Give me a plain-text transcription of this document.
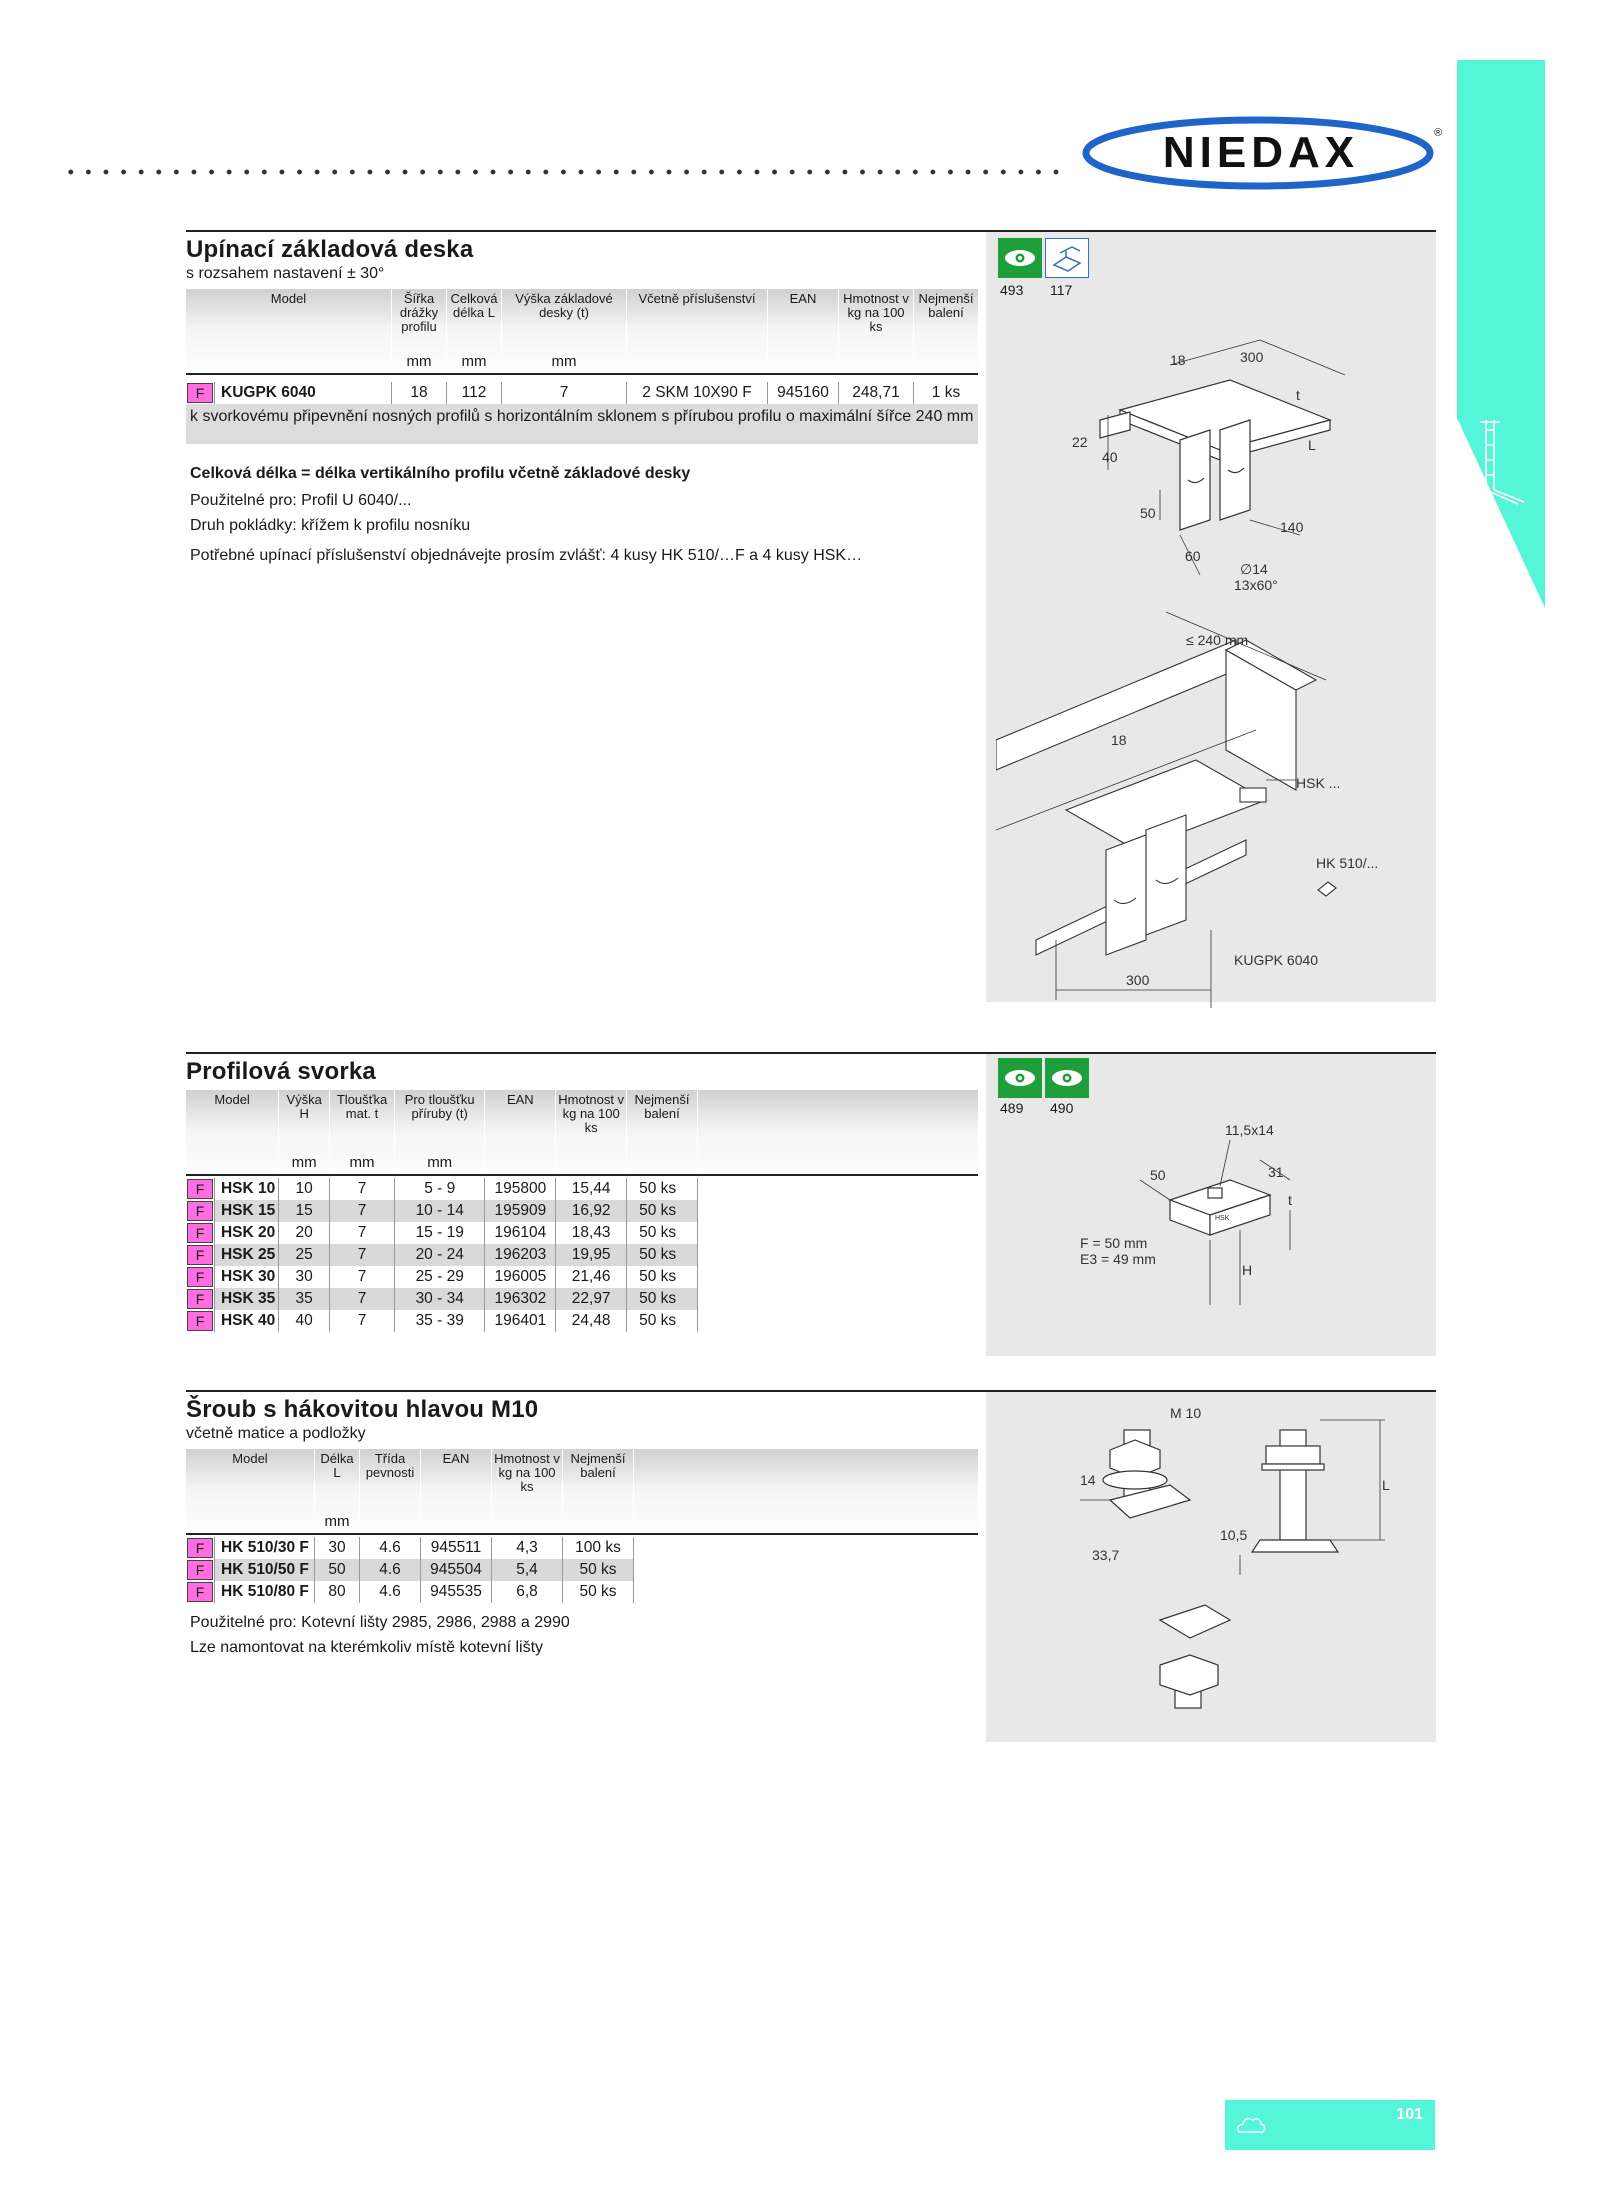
NIEDAX	®
Upínací základová deska
s rozsahem nastavení ± 30°
Model		Šířka drážky profilu	Celková délka L	Výška základové desky (t)	Včetně příslušenství	EAN	Hmotnost v kg na 100 ks	Nejmenší balení
		mm	mm	mm				

F	KUGPK 6040	18	112	7	2 SKM 10X90 F	945160	248,71	1 ks
k svorkovému připevnění nosných profilů s horizontálním sklonem s přírubou profilu o maximální šířce 240 mm
Celková délka = délka vertikálního profilu včetně základové desky
Použitelné pro: Profil U 6040/...
Druh pokládky: křížem k profilu nosníku
Potřebné upínací příslušenství objednávejte prosím zvlášť: 4 kusy HK 510/…F a 4 kusy HSK…
493 117
18	300
t
22
40
L
50
140
60
∅14
13x60°
≤ 240 mm
18
HSK ...
HK 510/...
300
KUGPK 6040
Profilová svorka
Model		Výška H	Tloušťka mat. t	Pro tloušťku příruby (t)	EAN	Hmotnost v kg na 100 ks	Nejmenší balení	
		mm	mm	mm				

F	HSK 10	10	7	5 - 9	195800	15,44	50 ks	

F	HSK 15	15	7	10 - 14	195909	16,92	50 ks	

F	HSK 20	20	7	15 - 19	196104	18,43	50 ks	

F	HSK 25	25	7	20 - 24	196203	19,95	50 ks	

F	HSK 30	30	7	25 - 29	196005	21,46	50 ks	

F	HSK 35	35	7	30 - 34	196302	22,97	50 ks	

F	HSK 40	40	7	35 - 39	196401	24,48	50 ks	
489 490
11,5x14
50	31
t
F = 50 mm
E3 = 49 mm
H
HSK
Šroub s hákovitou hlavou M10
včetně matice a podložky
Model		Délka L	Třída pevnosti	EAN	Hmotnost v kg na 100 ks	Nejmenší balení	
		mm					

F	HK 510/30 F	30	4.6	945511	4,3	100 ks	

F	HK 510/50 F	50	4.6	945504	5,4	50 ks	

F	HK 510/80 F	80	4.6	945535	6,8	50 ks	
Použitelné pro: Kotevní lišty 2985, 2986, 2988 a 2990
Lze namontovat na kterémkoliv místě kotevní lišty
M 10
14	L
10,5
33,7
101
